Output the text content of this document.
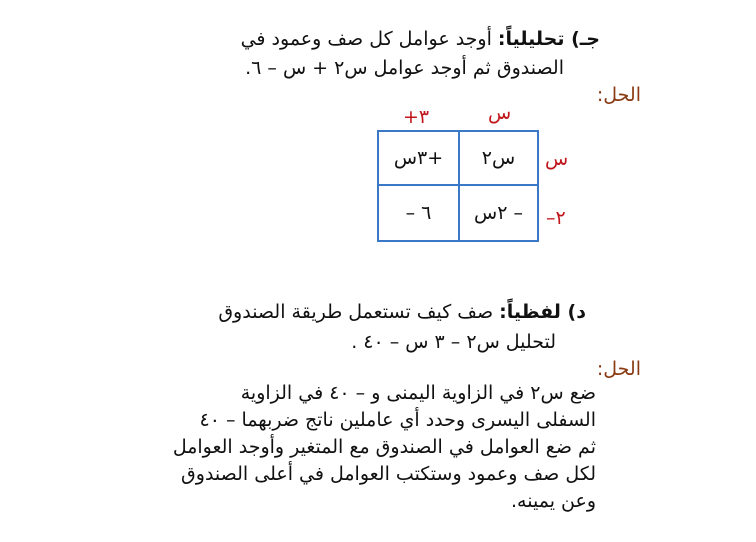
جـ) تحليلياً: أوجد عوامل كل صف وعمود في
الصندوق ثم أوجد عوامل س٢ + س – ٦.
الحل:
س
+٣
س
–٢
+٣س	س٢
– ٦	– ٢س
د) لفظياً: صف كيف تستعمل طريقة الصندوق
لتحليل س٢ – ٣ س – ٤٠ .
الحل:
ضع س٢ في الزاوية اليمنى و – ٤٠ في الزاوية
السفلى اليسرى وحدد أي عاملين ناتج ضربهما – ٤٠
ثم ضع العوامل في الصندوق مع المتغير وأوجد العوامل
لكل صف وعمود وستكتب العوامل في أعلى الصندوق
وعن يمينه.
